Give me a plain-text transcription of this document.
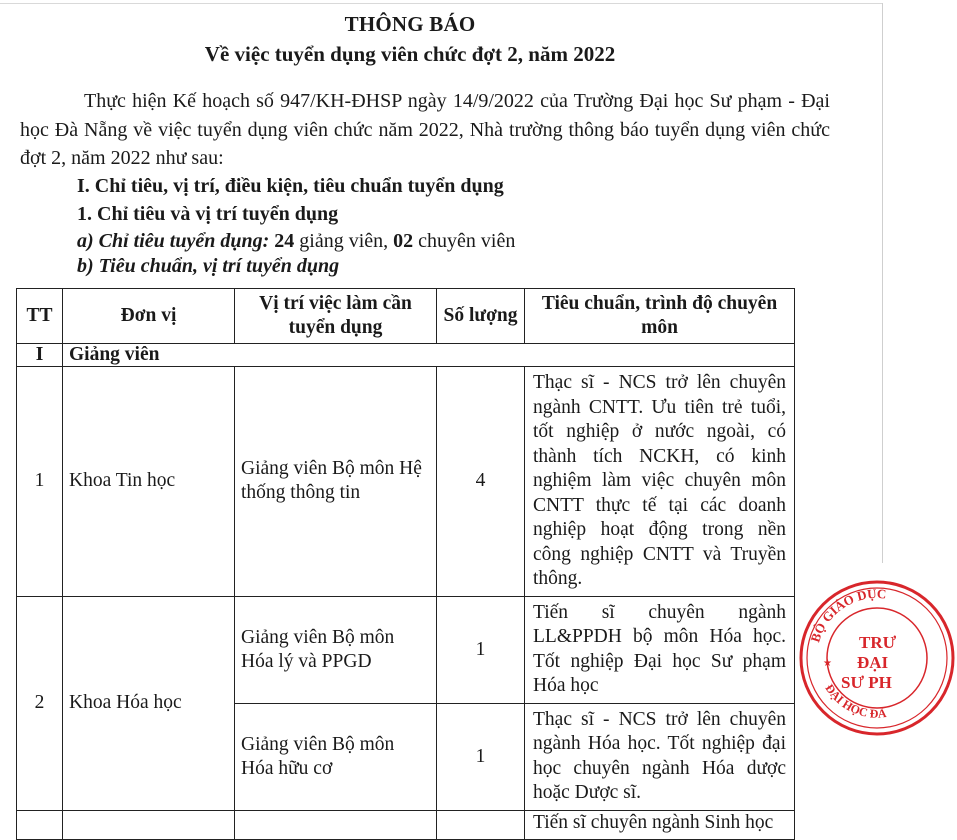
THÔNG BÁO
Về việc tuyển dụng viên chức đợt 2, năm 2022
Thực hiện Kế hoạch số 947/KH-ĐHSP ngày 14/9/2022 của Trường Đại học Sư phạm - Đại học Đà Nẵng về việc tuyển dụng viên chức năm 2022, Nhà trường thông báo tuyển dụng viên chức đợt 2, năm 2022 như sau:
I. Chỉ tiêu, vị trí, điều kiện, tiêu chuẩn tuyển dụng
1. Chỉ tiêu và vị trí tuyển dụng
a) Chỉ tiêu tuyển dụng: 24 giảng viên, 02 chuyên viên
b) Tiêu chuẩn, vị trí tuyển dụng
TT	Đơn vị	Vị trí việc làm cần tuyển dụng	Số lượng	Tiêu chuẩn, trình độ chuyên môn
I	Giảng viên			
1	Khoa Tin học	Giảng viên Bộ môn Hệ thống thông tin	4	Thạc sĩ - NCS trở lên chuyên ngành CNTT. Ưu tiên trẻ tuổi, tốt nghiệp ở nước ngoài, có thành tích NCKH, có kinh nghiệm làm việc chuyên môn CNTT thực tế tại các doanh nghiệp hoạt động trong nền công nghiệp CNTT và Truyền thông.
2	Khoa Hóa học	Giảng viên Bộ môn Hóa lý và PPGD	1	Tiến sĩ chuyên ngành LL&PPDH bộ môn Hóa học. Tốt nghiệp Đại học Sư phạm Hóa học
		Giảng viên Bộ môn Hóa hữu cơ	1	Thạc sĩ - NCS trở lên chuyên ngành Hóa học. Tốt nghiệp đại học chuyên ngành Hóa dược hoặc Dược sĩ.
				Tiến sĩ chuyên ngành Sinh học
BỘ GIÁO DỤC
ĐẠI HỌC ĐÀ
★
TRƯ
ĐẠI
SƯ PH
